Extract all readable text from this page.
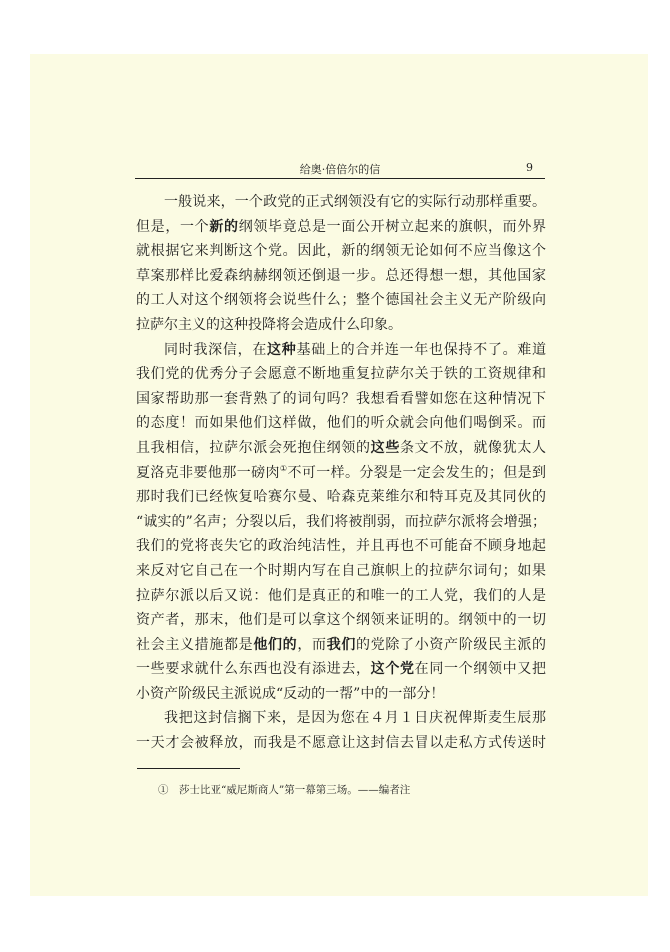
给奥·倍倍尔的信	9
一般说来，一个政党的正式纲领没有它的实际行动那样重要。
但是，一个新的纲领毕竟总是一面公开树立起来的旗帜，而外界
就根据它来判断这个党。因此，新的纲领无论如何不应当像这个
草案那样比爱森纳赫纲领还倒退一步。总还得想一想，其他国家
的工人对这个纲领将会说些什么；整个德国社会主义无产阶级向
拉萨尔主义的这种投降将会造成什么印象。
同时我深信，在这种基础上的合并连一年也保持不了。难道
我们党的优秀分子会愿意不断地重复拉萨尔关于铁的工资规律和
国家帮助那一套背熟了的词句吗？我想看看譬如您在这种情况下
的态度！而如果他们这样做，他们的听众就会向他们喝倒采。而
且我相信，拉萨尔派会死抱住纲领的这些条文不放，就像犹太人
夏洛克非要他那一磅肉①不可一样。分裂是一定会发生的；但是到
那时我们已经恢复哈赛尔曼、哈森克莱维尔和特耳克及其同伙的
“诚实的”名声；分裂以后，我们将被削弱，而拉萨尔派将会增强；
我们的党将丧失它的政治纯洁性，并且再也不可能奋不顾身地起
来反对它自己在一个时期内写在自己旗帜上的拉萨尔词句；如果
拉萨尔派以后又说：他们是真正的和唯一的工人党，我们的人是
资产者，那末，他们是可以拿这个纲领来证明的。纲领中的一切
社会主义措施都是他们的，而我们的党除了小资产阶级民主派的
一些要求就什么东西也没有添进去，这个党在同一个纲领中又把
小资产阶级民主派说成“反动的一帮”中的一部分！
我把这封信搁下来，是因为您在４月１日庆祝俾斯麦生辰那
一天才会被释放，而我是不愿意让这封信去冒以走私方式传送时
①　莎士比亚“威尼斯商人”第一幕第三场。——编者注
